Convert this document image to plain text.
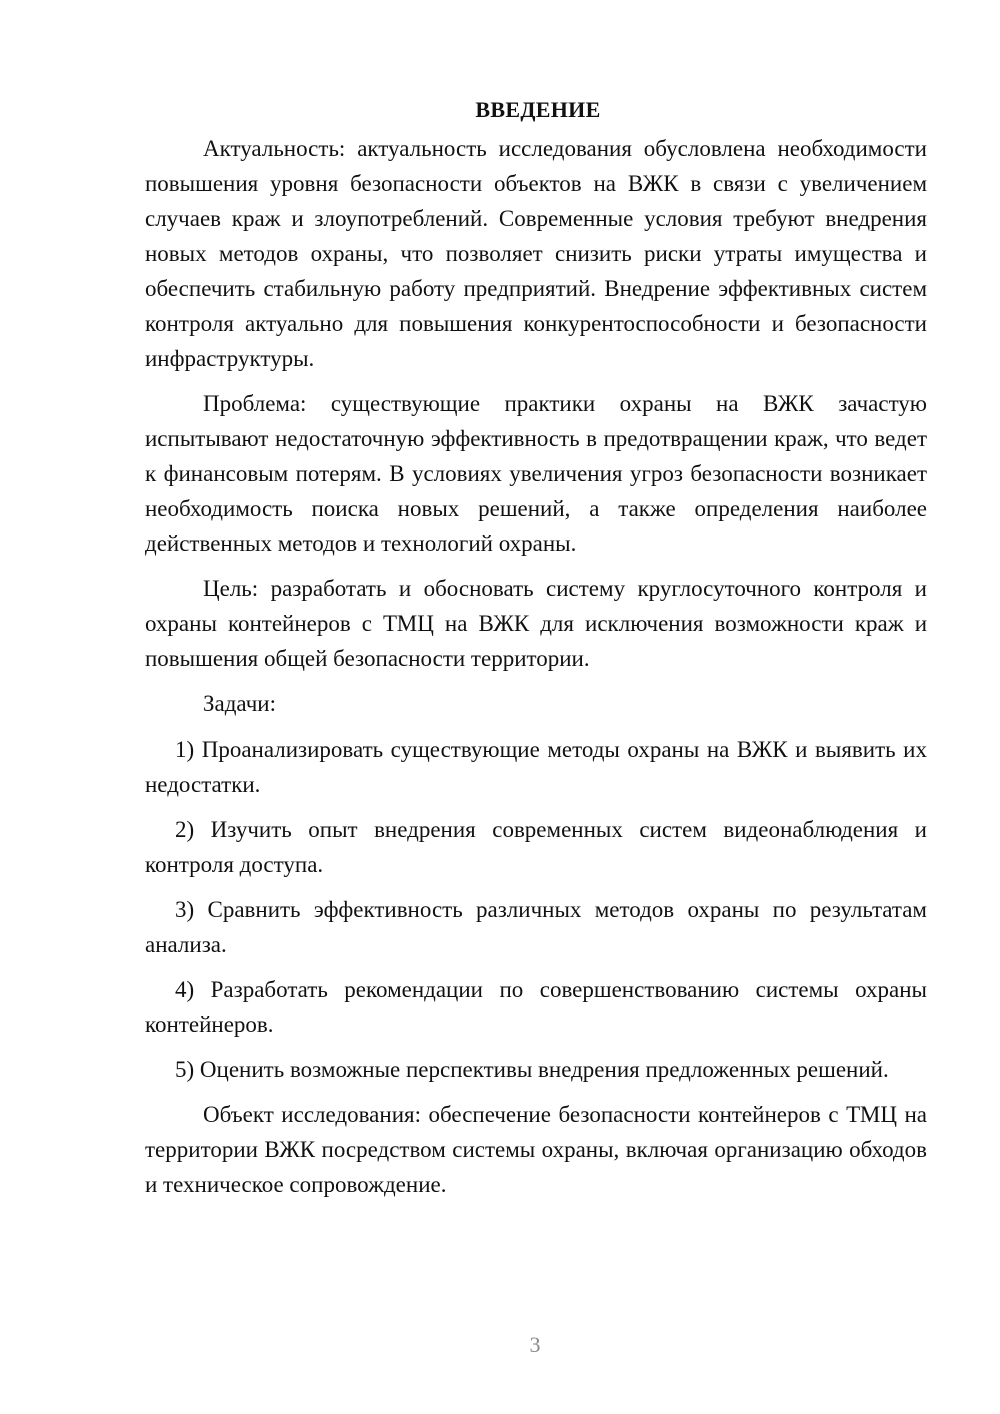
ВВЕДЕНИЕ

Актуальность: актуальность исследования обусловлена необходимости повышения уровня безопасности объектов на ВЖК в связи с увеличением случаев краж и злоупотреблений. Современные условия требуют внедрения новых методов охраны, что позволяет снизить риски утраты имущества и обеспечить стабильную работу предприятий. Внедрение эффективных систем контроля актуально для повышения конкурентоспособности и безопасности инфраструктуры.

Проблема: существующие практики охраны на ВЖК зачастую испытывают недостаточную эффективность в предотвращении краж, что ведет к финансовым потерям. В условиях увеличения угроз безопасности возникает необходимость поиска новых решений, а также определения наиболее действенных методов и технологий охраны.

Цель: разработать и обосновать систему круглосуточного контроля и охраны контейнеров с ТМЦ на ВЖК для исключения возможности краж и повышения общей безопасности территории.

Задачи:

1) Проанализировать существующие методы охраны на ВЖК и выявить их недостатки.

2) Изучить опыт внедрения современных систем видеонаблюдения и контроля доступа.

3) Сравнить эффективность различных методов охраны по результатам анализа.

4) Разработать рекомендации по совершенствованию системы охраны контейнеров.

5) Оценить возможные перспективы внедрения предложенных решений.

Объект исследования: обеспечение безопасности контейнеров с ТМЦ на территории ВЖК посредством системы охраны, включая организацию обходов и техническое сопровождение.

3
